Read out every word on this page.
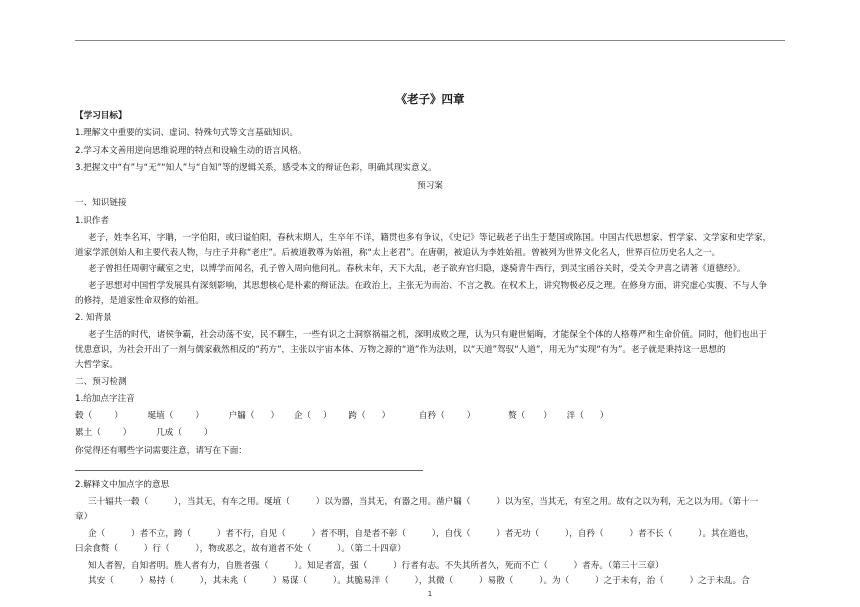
《老子》四章
【学习目标】
1.理解文中重要的实词、虚词、特殊句式等文言基础知识。
2.学习本文善用逆向思维说理的特点和设喻生动的语言风格。
3.把握文中“有”与“无”“知人”与“自知”等的逻辑关系，感受本文的辩证色彩，明确其现实意义。
预习案
一、知识链接
1.识作者
老子，姓李名耳，字聃，一字伯阳，或曰谥伯阳，春秋末期人，生卒年不详，籍贯也多有争议，《史记》等记载老子出生于楚国或陈国。中国古代思想家、哲学家、文学家和史学家，
道家学派创始人和主要代表人物，与庄子并称“老庄”。后被道教尊为始祖，称“太上老君”。在唐朝，被追认为李姓始祖。曾被列为世界文化名人，世界百位历史名人之一。
老子曾担任周朝守藏室之史，以博学而闻名，孔子曾入周向他问礼。春秋末年，天下大乱，老子欲弃官归隐，遂骑青牛西行，到灵宝函谷关时，受关令尹喜之请著《道德经》。
老子思想对中国哲学发展具有深刻影响，其思想核心是朴素的辩证法。在政治上，主张无为而治、不言之教。在权术上，讲究物极必反之理。在修身方面，讲究虚心实腹、不与人争
的修持，是道家性命双修的始祖。
2. 知背景
老子生活的时代，诸侯争霸，社会动荡不安，民不聊生，一些有识之士洞察祸福之机，深明成败之理，认为只有避世韬晦，才能保全个体的人格尊严和生命价值。同时，他们也出于
忧患意识，为社会开出了一剂与儒家截然相反的“药方”，主张以宇宙本体、万物之源的“道”作为法则，以“天道”驾驭“人道”，用无为”实现“有为”。老子就是秉持这一思想的
大哲学家。
二、预习检测
1.给加点字注音
毂（	）	埏埴（	）	户牖（ ） 企（ ） 跨（ ）	自矜（	）	赘（ ） 泮（ ）
累土（	）	几成（	）
你觉得还有哪些字词需要注意，请写在下面：
2.解释文中加点字的意思
三十辐共一毂（　　　），当其无，有车之用。埏埴（　　　）以为器，当其无，有器之用。凿户牖（　　　）以为室，当其无，有室之用。故有之以为利，无之以为用。（第十一
章）
企（　　　）者不立，跨（　　　）者不行，自见（　　　）者不明，自是者不彰（　　　），自伐（　　　）者无功（　　　），自矜（　　　）者不长（　　　）。其在道也，
曰余食赘（　　　）行（　　　），物或恶之，故有道者不处（　　　）。（第二十四章）
1
知人者智，自知者明。胜人者有力，自胜者强（　　　）。知足者富，强（　　　）行者有志。不失其所者久，死而不亡（　　　）者寿。（第三十三章）
其安（　　　）易持（　　　），其未兆（　　　）易谋（　　　）。其脆易泮（　　　），其微（　　　）易散（　　　）。为（　　　）之于未有，治（　　　）之于未乱。合
